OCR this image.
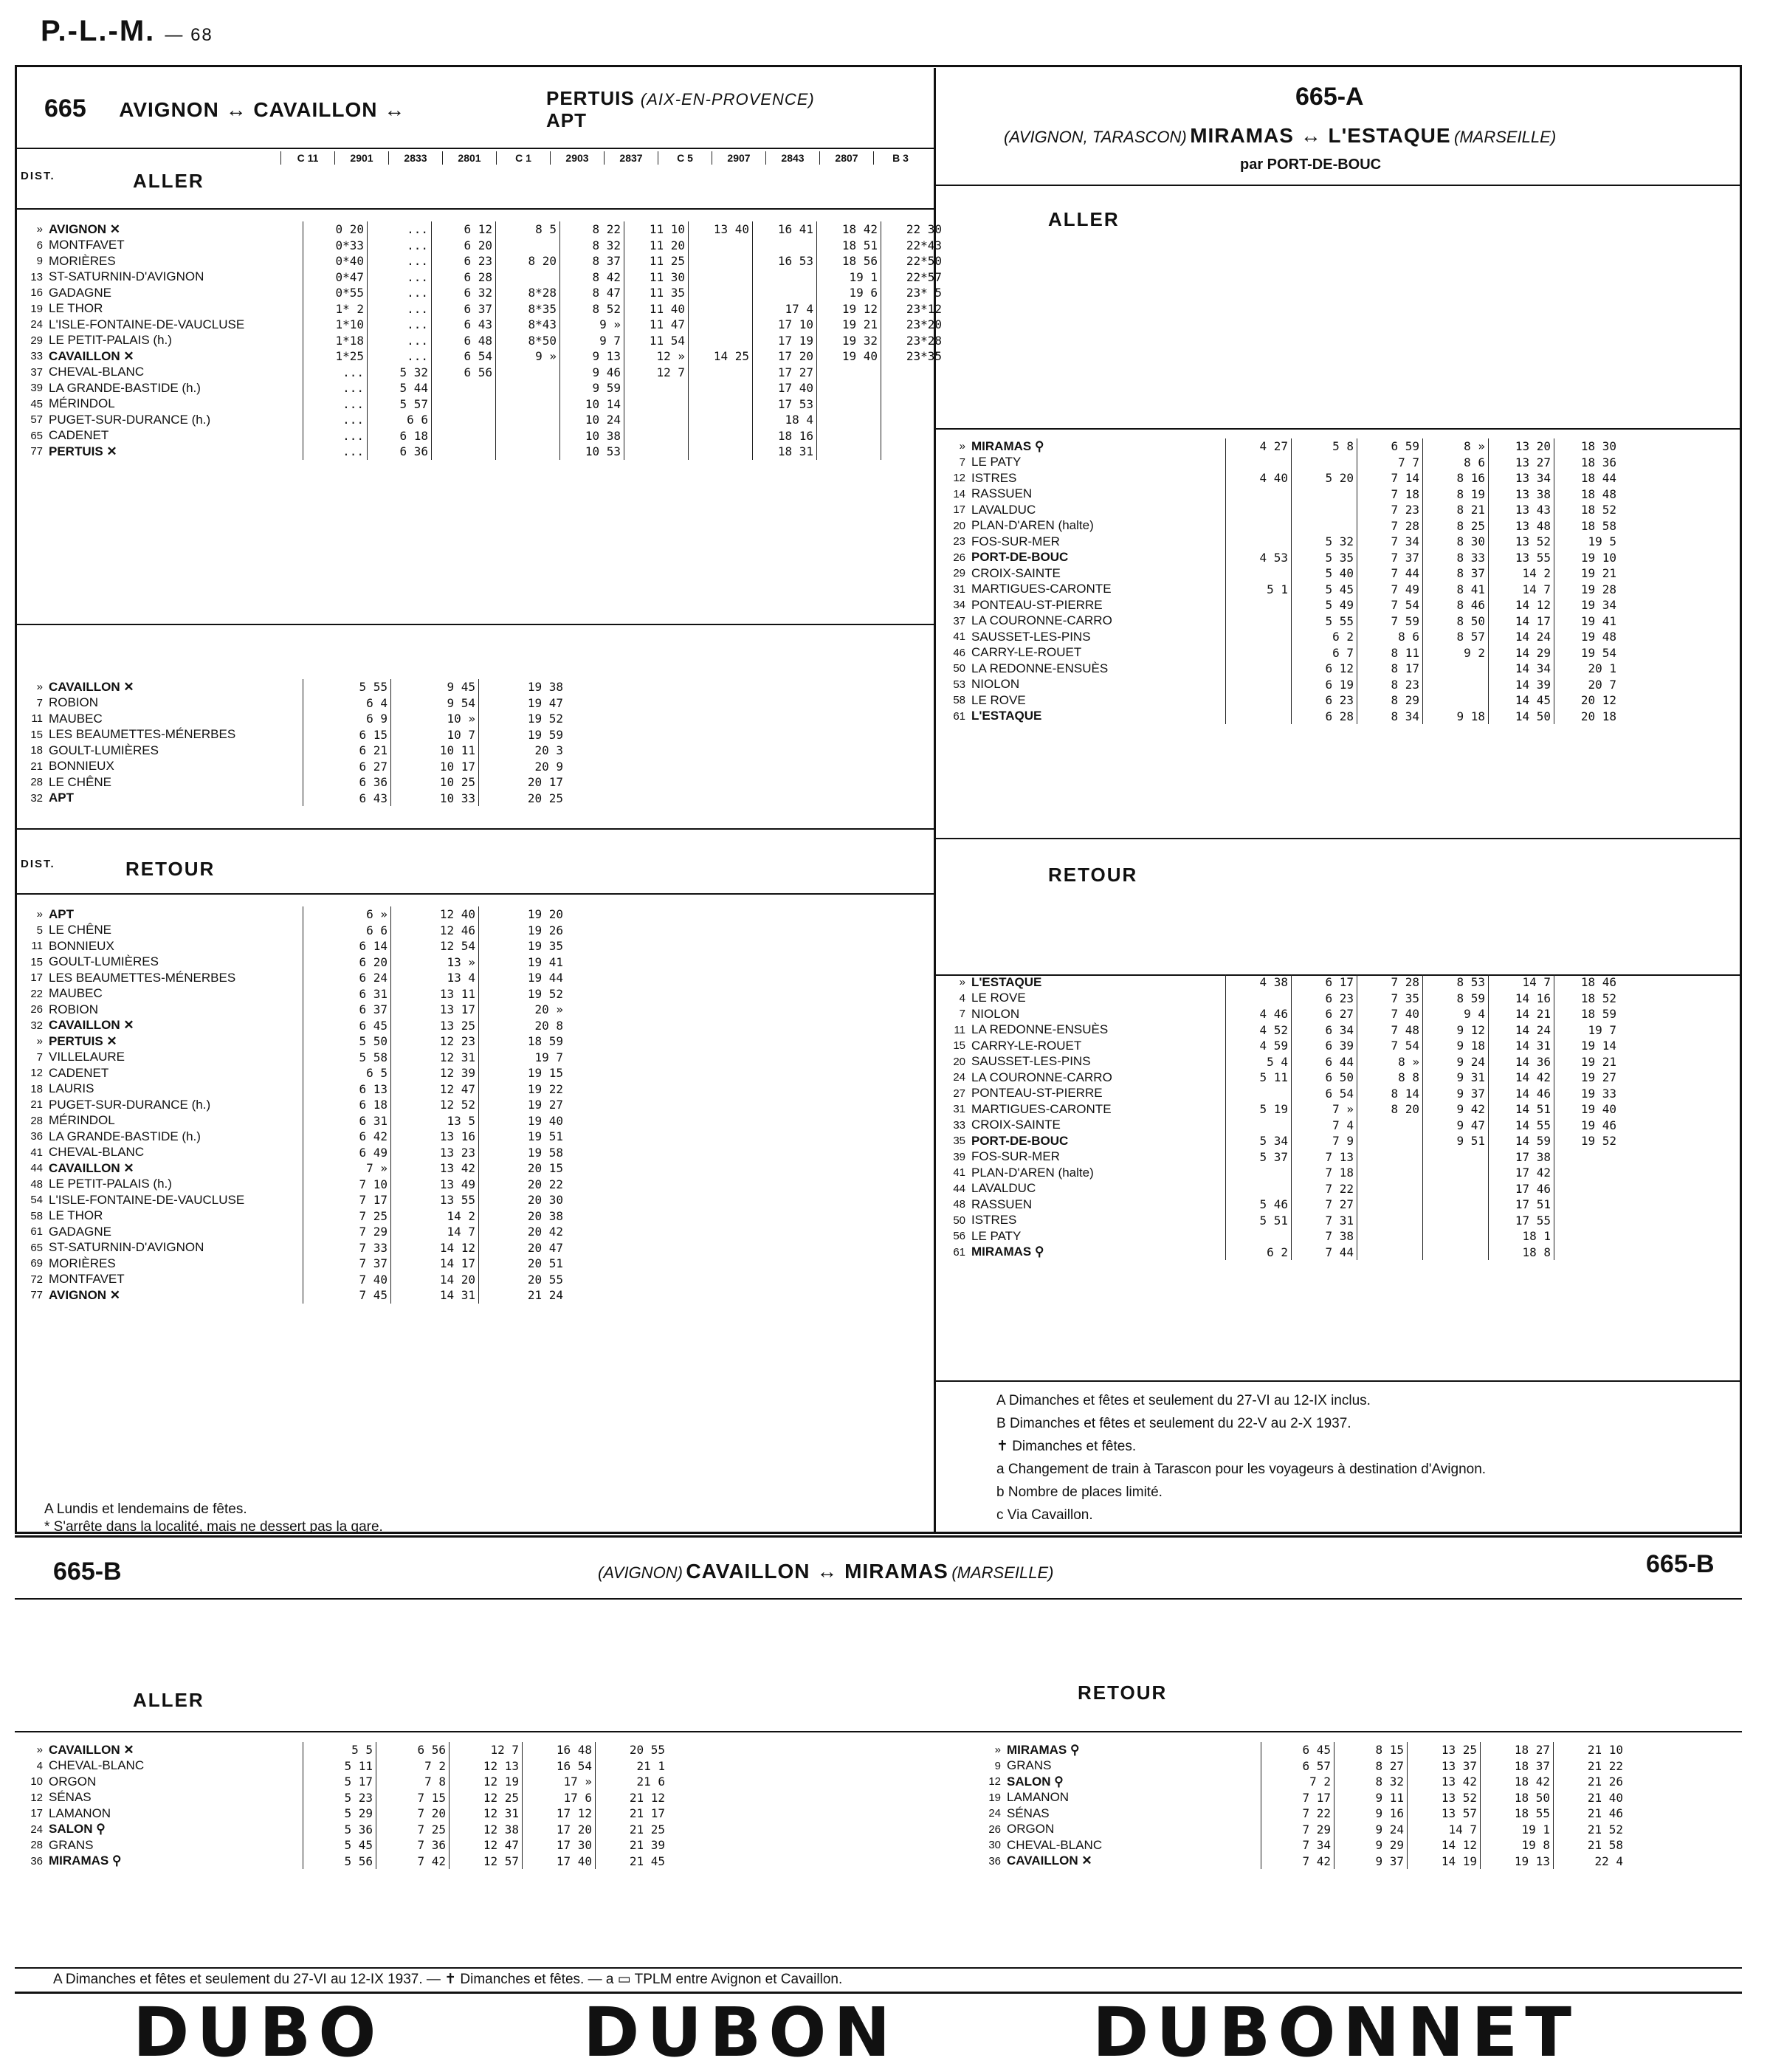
P.-L.-M. — 68
665 AVIGNON ↔ CAVAILLON ↔	PERTUIS (AIX-EN-PROVENCE)
APT
DIST.	ALLER
C 11	2901	2833	2801	C 1	2903	2837	C 5	2907	2843	2807	B 3
»	AVIGNON ✕	0 20	...	6 12	8 5	8 22	11 10	13 40	16 41	18 42	22 30
6	MONTFAVET	0*33	...	6 20		8 32	11 20			18 51	22*43
9	MORIÈRES	0*40	...	6 23	8 20	8 37	11 25		16 53	18 56	22*50
13	ST-SATURNIN-D'AVIGNON	0*47	...	6 28		8 42	11 30			19 1	22*57
16	GADAGNE	0*55	...	6 32	8*28	8 47	11 35			19 6	23* 5
19	LE THOR	1* 2	...	6 37	8*35	8 52	11 40		17 4	19 12	23*12
24	L'ISLE-FONTAINE-DE-VAUCLUSE	1*10	...	6 43	8*43	9 »	11 47		17 10	19 21	23*20
29	LE PETIT-PALAIS (h.)	1*18	...	6 48	8*50	9 7	11 54		17 19	19 32	23*28
33	CAVAILLON ✕	1*25	...	6 54	9 »	9 13	12 »	14 25	17 20	19 40	23*35
37	CHEVAL-BLANC	...	5 32	6 56		9 46	12 7		17 27		
39	LA GRANDE-BASTIDE (h.)	...	5 44			9 59			17 40		
45	MÉRINDOL	...	5 57			10 14			17 53		
57	PUGET-SUR-DURANCE (h.)	...	6 6			10 24			18 4		
65	CADENET	...	6 18			10 38			18 16		
77	PERTUIS ✕	...	6 36			10 53			18 31		
»	CAVAILLON ✕	5 55	9 45	19 38
7	ROBION	6 4	9 54	19 47
11	MAUBEC	6 9	10 »	19 52
15	LES BEAUMETTES-MÉNERBES	6 15	10 7	19 59
18	GOULT-LUMIÈRES	6 21	10 11	20 3
21	BONNIEUX	6 27	10 17	20 9
28	LE CHÊNE	6 36	10 25	20 17
32	APT	6 43	10 33	20 25
DIST.	RETOUR
»	APT	6 »	12 40	19 20
5	LE CHÊNE	6 6	12 46	19 26
11	BONNIEUX	6 14	12 54	19 35
15	GOULT-LUMIÈRES	6 20	13 »	19 41
17	LES BEAUMETTES-MÉNERBES	6 24	13 4	19 44
22	MAUBEC	6 31	13 11	19 52
26	ROBION	6 37	13 17	20 »
32	CAVAILLON ✕	6 45	13 25	20 8
»	PERTUIS ✕	5 50	12 23	18 59
7	VILLELAURE	5 58	12 31	19 7
12	CADENET	6 5	12 39	19 15
18	LAURIS	6 13	12 47	19 22
21	PUGET-SUR-DURANCE (h.)	6 18	12 52	19 27
28	MÉRINDOL	6 31	13 5	19 40
36	LA GRANDE-BASTIDE (h.)	6 42	13 16	19 51
41	CHEVAL-BLANC	6 49	13 23	19 58
44	CAVAILLON ✕	7 »	13 42	20 15
48	LE PETIT-PALAIS (h.)	7 10	13 49	20 22
54	L'ISLE-FONTAINE-DE-VAUCLUSE	7 17	13 55	20 30
58	LE THOR	7 25	14 2	20 38
61	GADAGNE	7 29	14 7	20 42
65	ST-SATURNIN-D'AVIGNON	7 33	14 12	20 47
69	MORIÈRES	7 37	14 17	20 51
72	MONTFAVET	7 40	14 20	20 55
77	AVIGNON ✕	7 45	14 31	21 24
A Lundis et lendemains de fêtes.
* S'arrête dans la localité, mais ne dessert pas la gare.
665-A
(AVIGNON, TARASCON) MIRAMAS ↔ L'ESTAQUE (MARSEILLE)
par PORT-DE-BOUC
ALLER
»	MIRAMAS ⚲	4 27	5 8	6 59	8 »	13 20	18 30
7	LE PATY			7 7	8 6	13 27	18 36
12	ISTRES	4 40	5 20	7 14	8 16	13 34	18 44
14	RASSUEN			7 18	8 19	13 38	18 48
17	LAVALDUC			7 23	8 21	13 43	18 52
20	PLAN-D'AREN (halte)			7 28	8 25	13 48	18 58
23	FOS-SUR-MER		5 32	7 34	8 30	13 52	19 5
26	PORT-DE-BOUC	4 53	5 35	7 37	8 33	13 55	19 10
29	CROIX-SAINTE		5 40	7 44	8 37	14 2	19 21
31	MARTIGUES-CARONTE	5 1	5 45	7 49	8 41	14 7	19 28
34	PONTEAU-ST-PIERRE		5 49	7 54	8 46	14 12	19 34
37	LA COURONNE-CARRO		5 55	7 59	8 50	14 17	19 41
41	SAUSSET-LES-PINS		6 2	8 6	8 57	14 24	19 48
46	CARRY-LE-ROUET		6 7	8 11	9 2	14 29	19 54
50	LA REDONNE-ENSUÈS		6 12	8 17		14 34	20 1
53	NIOLON		6 19	8 23		14 39	20 7
58	LE ROVE		6 23	8 29		14 45	20 12
61	L'ESTAQUE		6 28	8 34	9 18	14 50	20 18
RETOUR
»	L'ESTAQUE	4 38	6 17	7 28	8 53	14 7	18 46
4	LE ROVE		6 23	7 35	8 59	14 16	18 52
7	NIOLON	4 46	6 27	7 40	9 4	14 21	18 59
11	LA REDONNE-ENSUÈS	4 52	6 34	7 48	9 12	14 24	19 7
15	CARRY-LE-ROUET	4 59	6 39	7 54	9 18	14 31	19 14
20	SAUSSET-LES-PINS	5 4	6 44	8 »	9 24	14 36	19 21
24	LA COURONNE-CARRO	5 11	6 50	8 8	9 31	14 42	19 27
27	PONTEAU-ST-PIERRE		6 54	8 14	9 37	14 46	19 33
31	MARTIGUES-CARONTE	5 19	7 »	8 20	9 42	14 51	19 40
33	CROIX-SAINTE		7 4		9 47	14 55	19 46
35	PORT-DE-BOUC	5 34	7 9		9 51	14 59	19 52
39	FOS-SUR-MER	5 37	7 13			17 38	
41	PLAN-D'AREN (halte)		7 18			17 42	
44	LAVALDUC		7 22			17 46	
48	RASSUEN	5 46	7 27			17 51	
50	ISTRES	5 51	7 31			17 55	
56	LE PATY		7 38			18 1	
61	MIRAMAS ⚲	6 2	7 44			18 8	
A Dimanches et fêtes et seulement du 27-VI au 12-IX inclus.
B Dimanches et fêtes et seulement du 22-V au 2-X 1937.
✝ Dimanches et fêtes.
a Changement de train à Tarascon pour les voyageurs à destination d'Avignon.
b Nombre de places limité.
c Via Cavaillon.
665-B	(AVIGNON) CAVAILLON ↔ MIRAMAS (MARSEILLE)	665-B
ALLER	RETOUR
»	CAVAILLON ✕	5 5	6 56	12 7	16 48	20 55
4	CHEVAL-BLANC	5 11	7 2	12 13	16 54	21 1
10	ORGON	5 17	7 8	12 19	17 »	21 6
12	SÉNAS	5 23	7 15	12 25	17 6	21 12
17	LAMANON	5 29	7 20	12 31	17 12	21 17
24	SALON ⚲	5 36	7 25	12 38	17 20	21 25
28	GRANS	5 45	7 36	12 47	17 30	21 39
36	MIRAMAS ⚲	5 56	7 42	12 57	17 40	21 45
»	MIRAMAS ⚲	6 45	8 15	13 25	18 27	21 10
9	GRANS	6 57	8 27	13 37	18 37	21 22
12	SALON ⚲	7 2	8 32	13 42	18 42	21 26
19	LAMANON	7 17	9 11	13 52	18 50	21 40
24	SÉNAS	7 22	9 16	13 57	18 55	21 46
26	ORGON	7 29	9 24	14 7	19 1	21 52
30	CHEVAL-BLANC	7 34	9 29	14 12	19 8	21 58
36	CAVAILLON ✕	7 42	9 37	14 19	19 13	22 4
A Dimanches et fêtes et seulement du 27-VI au 12-IX 1937. — ✝ Dimanches et fêtes. — a ▭ TPLM entre Avignon et Cavaillon.
DUBO	DUBON	DUBONNET
